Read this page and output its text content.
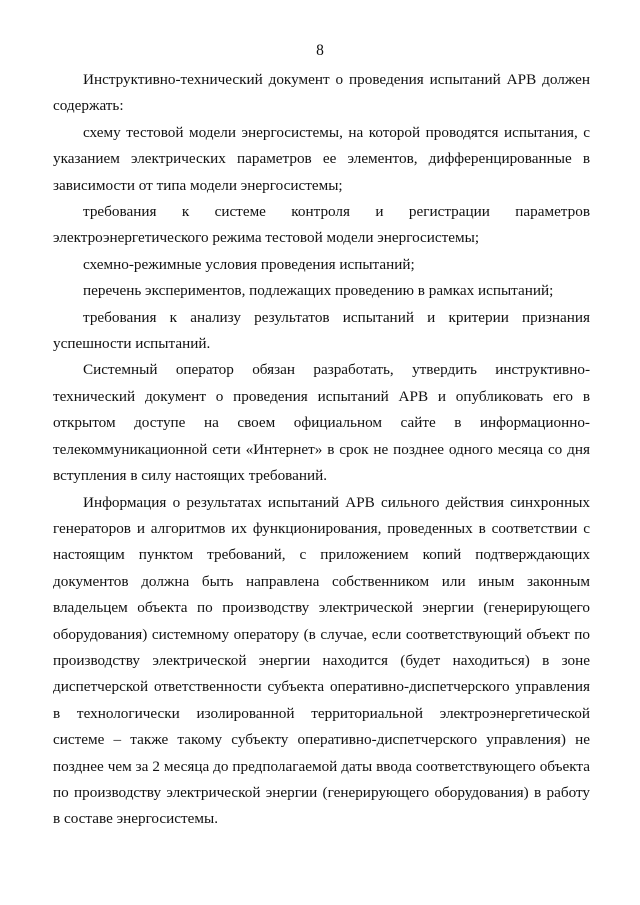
8

Инструктивно-технический документ о проведения испытаний АРВ должен содержать:

схему тестовой модели энергосистемы, на которой проводятся испытания, с указанием электрических параметров ее элементов, дифференцированные в зависимости от типа модели энергосистемы;

требования к системе контроля и регистрации параметров электроэнергетического режима тестовой модели энергосистемы;

схемно-режимные условия проведения испытаний;

перечень экспериментов, подлежащих проведению в рамках испытаний;

требования к анализу результатов испытаний и критерии признания успешности испытаний.

Системный оператор обязан разработать, утвердить инструктивно-технический документ о проведения испытаний АРВ и опубликовать его в открытом доступе на своем официальном сайте в информационно-телекоммуникационной сети «Интернет» в срок не позднее одного месяца со дня вступления в силу настоящих требований.

Информация о результатах испытаний АРВ сильного действия синхронных генераторов и алгоритмов их функционирования, проведенных в соответствии с настоящим пунктом требований, с приложением копий подтверждающих документов должна быть направлена собственником или иным законным владельцем объекта по производству электрической энергии (генерирующего оборудования) системному оператору (в случае, если соответствующий объект по производству электрической энергии находится (будет находиться) в зоне диспетчерской ответственности субъекта оперативно-диспетчерского управления в технологически изолированной территориальной электроэнергетической системе – также такому субъекту оперативно-диспетчерского управления) не позднее чем за 2 месяца до предполагаемой даты ввода соответствующего объекта по производству электрической энергии (генерирующего оборудования) в работу в составе энергосистемы.
